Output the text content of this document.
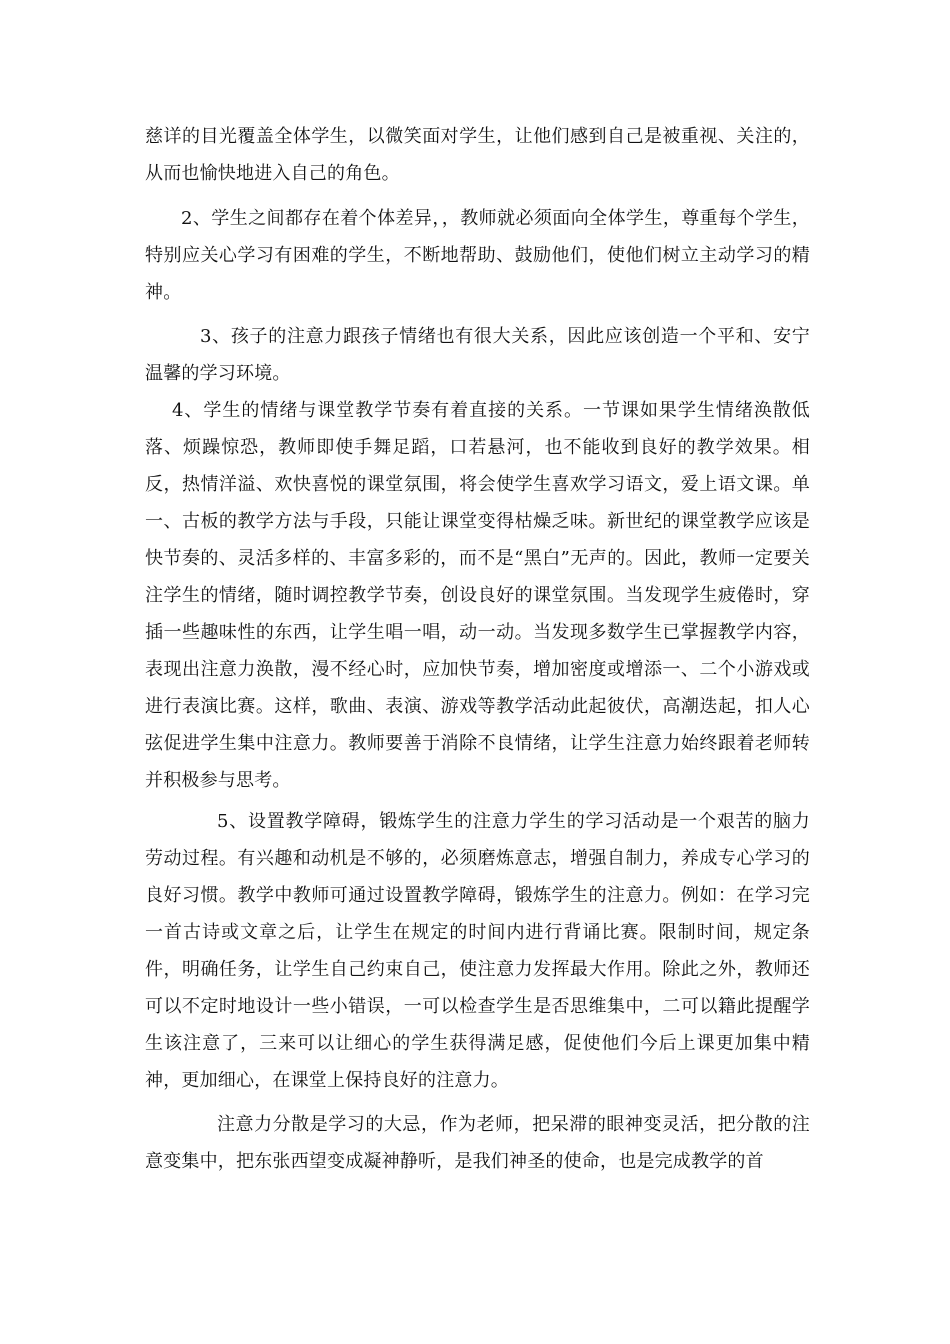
慈详的目光覆盖全体学生，以微笑面对学生，让他们感到自己是被重视、关注的，从而也愉快地进入自己的角色。

2、学生之间都存在着个体差异，，教师就必须面向全体学生，尊重每个学生，特别应关心学习有困难的学生，不断地帮助、鼓励他们，使他们树立主动学习的精神。

3、孩子的注意力跟孩子情绪也有很大关系，因此应该创造一个平和、安宁温馨的学习环境。

4、学生的情绪与课堂教学节奏有着直接的关系。一节课如果学生情绪涣散低落、烦躁惊恐，教师即使手舞足蹈，口若悬河，也不能收到良好的教学效果。相反，热情洋溢、欢快喜悦的课堂氛围，将会使学生喜欢学习语文，爱上语文课。单一、古板的教学方法与手段，只能让课堂变得枯燥乏味。新世纪的课堂教学应该是快节奏的、灵活多样的、丰富多彩的，而不是“黑白”无声的。因此，教师一定要关注学生的情绪，随时调控教学节奏，创设良好的课堂氛围。当发现学生疲倦时，穿插一些趣味性的东西，让学生唱一唱，动一动。当发现多数学生已掌握教学内容，表现出注意力涣散，漫不经心时，应加快节奏，增加密度或增添一、二个小游戏或进行表演比赛。这样，歌曲、表演、游戏等教学活动此起彼伏，高潮迭起，扣人心弦促进学生集中注意力。教师要善于消除不良情绪，让学生注意力始终跟着老师转并积极参与思考。

5、设置教学障碍，锻炼学生的注意力学生的学习活动是一个艰苦的脑力劳动过程。有兴趣和动机是不够的，必须磨炼意志，增强自制力，养成专心学习的良好习惯。教学中教师可通过设置教学障碍，锻炼学生的注意力。例如：在学习完一首古诗或文章之后，让学生在规定的时间内进行背诵比赛。限制时间，规定条件，明确任务，让学生自己约束自己，使注意力发挥最大作用。除此之外，教师还可以不定时地设计一些小错误，一可以检查学生是否思维集中，二可以籍此提醒学生该注意了，三来可以让细心的学生获得满足感，促使他们今后上课更加集中精神，更加细心，在课堂上保持良好的注意力。

注意力分散是学习的大忌，作为老师，把呆滞的眼神变灵活，把分散的注意变集中，把东张西望变成凝神静听，是我们神圣的使命，也是完成教学的首
